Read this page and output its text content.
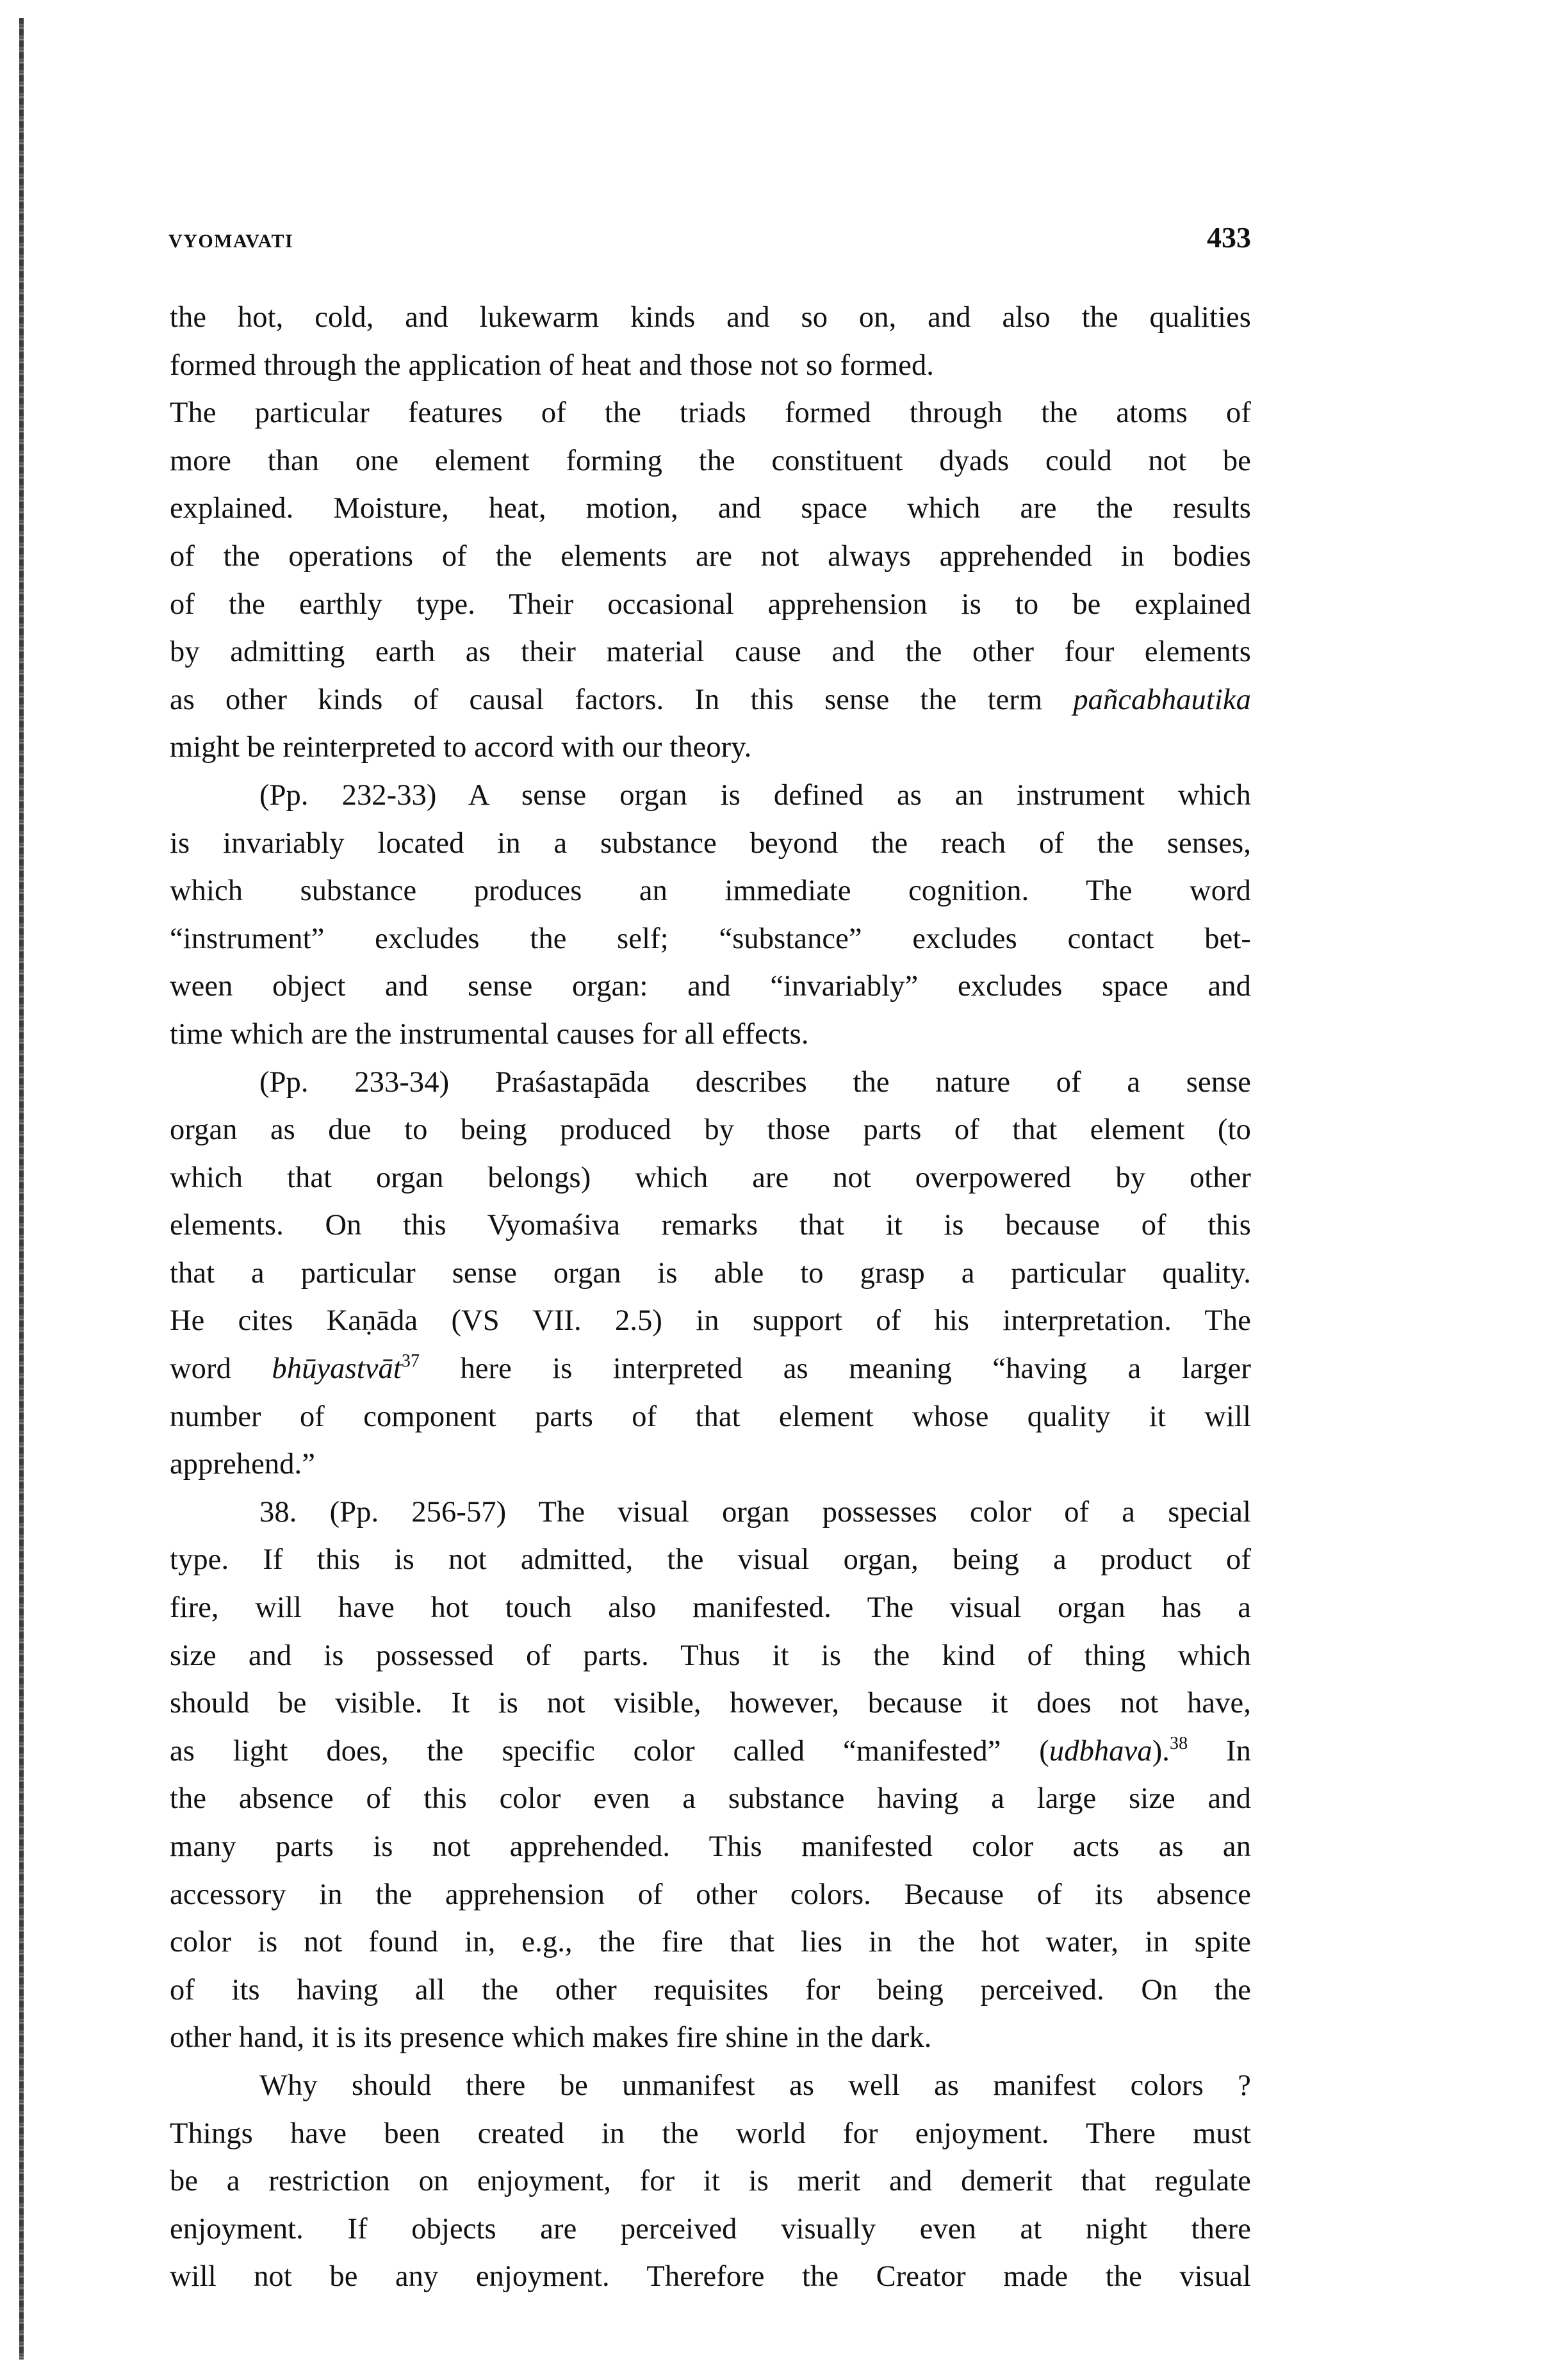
VYOMAVATI	433
the hot, cold, and lukewarm kinds and so on, and also the qualities
formed through the application of heat and those not so formed.
The particular features of the triads formed through the atoms of
more than one element forming the constituent dyads could not be
explained. Moisture, heat, motion, and space which are the results
of the operations of the elements are not always apprehended in bodies
of the earthly type. Their occasional apprehension is to be explained
by admitting earth as their material cause and the other four elements
as other kinds of causal factors. In this sense the term pañcabhautika
might be reinterpreted to accord with our theory.
(Pp. 232-33) A sense organ is defined as an instrument which
is invariably located in a substance beyond the reach of the senses,
which substance produces an immediate cognition. The word
“instrument” excludes the self; “substance” excludes contact bet-
ween object and sense organ: and “invariably” excludes space and
time which are the instrumental causes for all effects.
(Pp. 233-34) Praśastapāda describes the nature of a sense
organ as due to being produced by those parts of that element (to
which that organ belongs) which are not overpowered by other
elements. On this Vyomaśiva remarks that it is because of this
that a particular sense organ is able to grasp a particular quality.
He cites Kaṇāda (VS VII. 2.5) in support of his interpretation. The
word bhūyastvāt$^{37}$ here is interpreted as meaning “having a larger
number of component parts of that element whose quality it will
apprehend.”
38. (Pp. 256-57) The visual organ possesses color of a special
type. If this is not admitted, the visual organ, being a product of
fire, will have hot touch also manifested. The visual organ has a
size and is possessed of parts. Thus it is the kind of thing which
should be visible. It is not visible, however, because it does not have,
as light does, the specific color called “manifested” (udbhava).$^{38}$ In
the absence of this color even a substance having a large size and
many parts is not apprehended. This manifested color acts as an
accessory in the apprehension of other colors. Because of its absence
color is not found in, e.g., the fire that lies in the hot water, in spite
of its having all the other requisites for being perceived. On the
other hand, it is its presence which makes fire shine in the dark.
Why should there be unmanifest as well as manifest colors ?
Things have been created in the world for enjoyment. There must
be a restriction on enjoyment, for it is merit and demerit that regulate
enjoyment. If objects are perceived visually even at night there
will not be any enjoyment. Therefore the Creator made the visual
